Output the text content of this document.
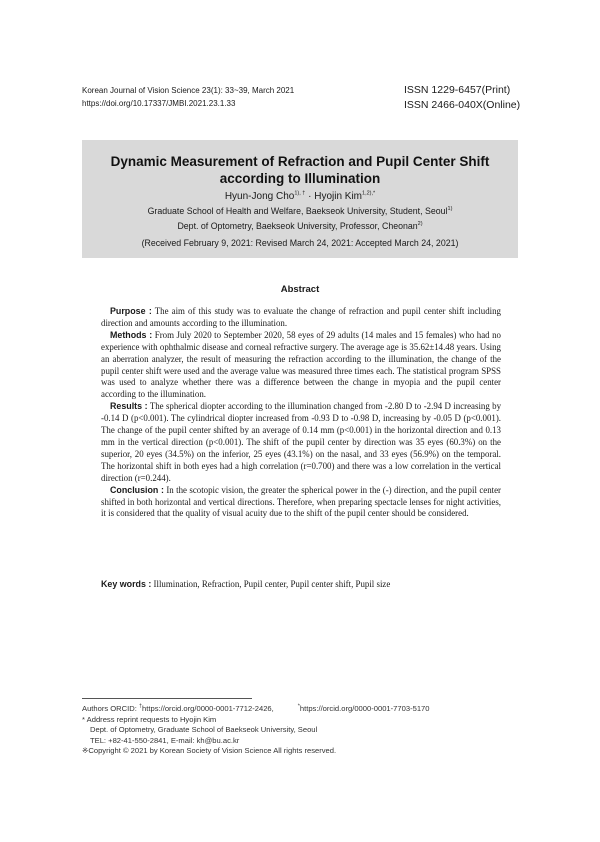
Korean Journal of Vision Science 23(1): 33~39, March 2021
https://doi.org/10.17337/JMBI.2021.23.1.33
ISSN 1229-6457(Print)
ISSN 2466-040X(Online)
Dynamic Measurement of Refraction and Pupil Center Shift
according to Illumination
Hyun-Jong Cho$^{1), \dagger}$ · Hyojin Kim$^{1,2),*}$
Graduate School of Health and Welfare, Baekseok University, Student, Seoul$^{1)}$
Dept. of Optometry, Baekseok University, Professor, Cheonan$^{2)}$
(Received February 9, 2021: Revised March 24, 2021: Accepted March 24, 2021)
Abstract

Purpose : The aim of this study was to evaluate the change of refraction and pupil center shift including direction and amounts according to the illumination.

Methods : From July 2020 to September 2020, 58 eyes of 29 adults (14 males and 15 females) who had no experience with ophthalmic disease and corneal refractive surgery. The average age is 35.62±14.48 years. Using an aberration analyzer, the result of measuring the refraction according to the illumination, the change of the pupil center shift were used and the average value was measured three times each. The statistical program SPSS was used to analyze whether there was a difference between the change in myopia and the pupil center according to the illumination.

Results : The spherical diopter according to the illumination changed from -2.80 D to -2.94 D increasing by -0.14 D (p<0.001). The cylindrical diopter increased from -0.93 D to -0.98 D, increasing by -0.05 D (p<0.001). The change of the pupil center shifted by an average of 0.14 mm (p<0.001) in the horizontal direction and 0.13 mm in the vertical direction (p<0.001). The shift of the pupil center by direction was 35 eyes (60.3%) on the superior, 20 eyes (34.5%) on the inferior, 25 eyes (43.1%) on the nasal, and 33 eyes (56.9%) on the temporal. The horizontal shift in both eyes had a high correlation (r=0.700) and there was a low correlation in the vertical direction (r=0.244).

Conclusion : In the scotopic vision, the greater the spherical power in the (-) direction, and the pupil center shifted in both horizontal and vertical directions. Therefore, when preparing spectacle lenses for night activities, it is considered that the quality of visual acuity due to the shift of the pupil center should be considered.

Key words : Illumination, Refraction, Pupil center, Pupil center shift, Pupil size
Authors ORCID: †https://orcid.org/0000-0001-7712-2426,	*https://orcid.org/0000-0001-7703-5170
* Address reprint requests to Hyojin Kim
Dept. of Optometry, Graduate School of Baekseok University, Seoul
TEL: +82-41-550-2841, E-mail: kh@bu.ac.kr
※Copyright © 2021 by Korean Society of Vision Science All rights reserved.
